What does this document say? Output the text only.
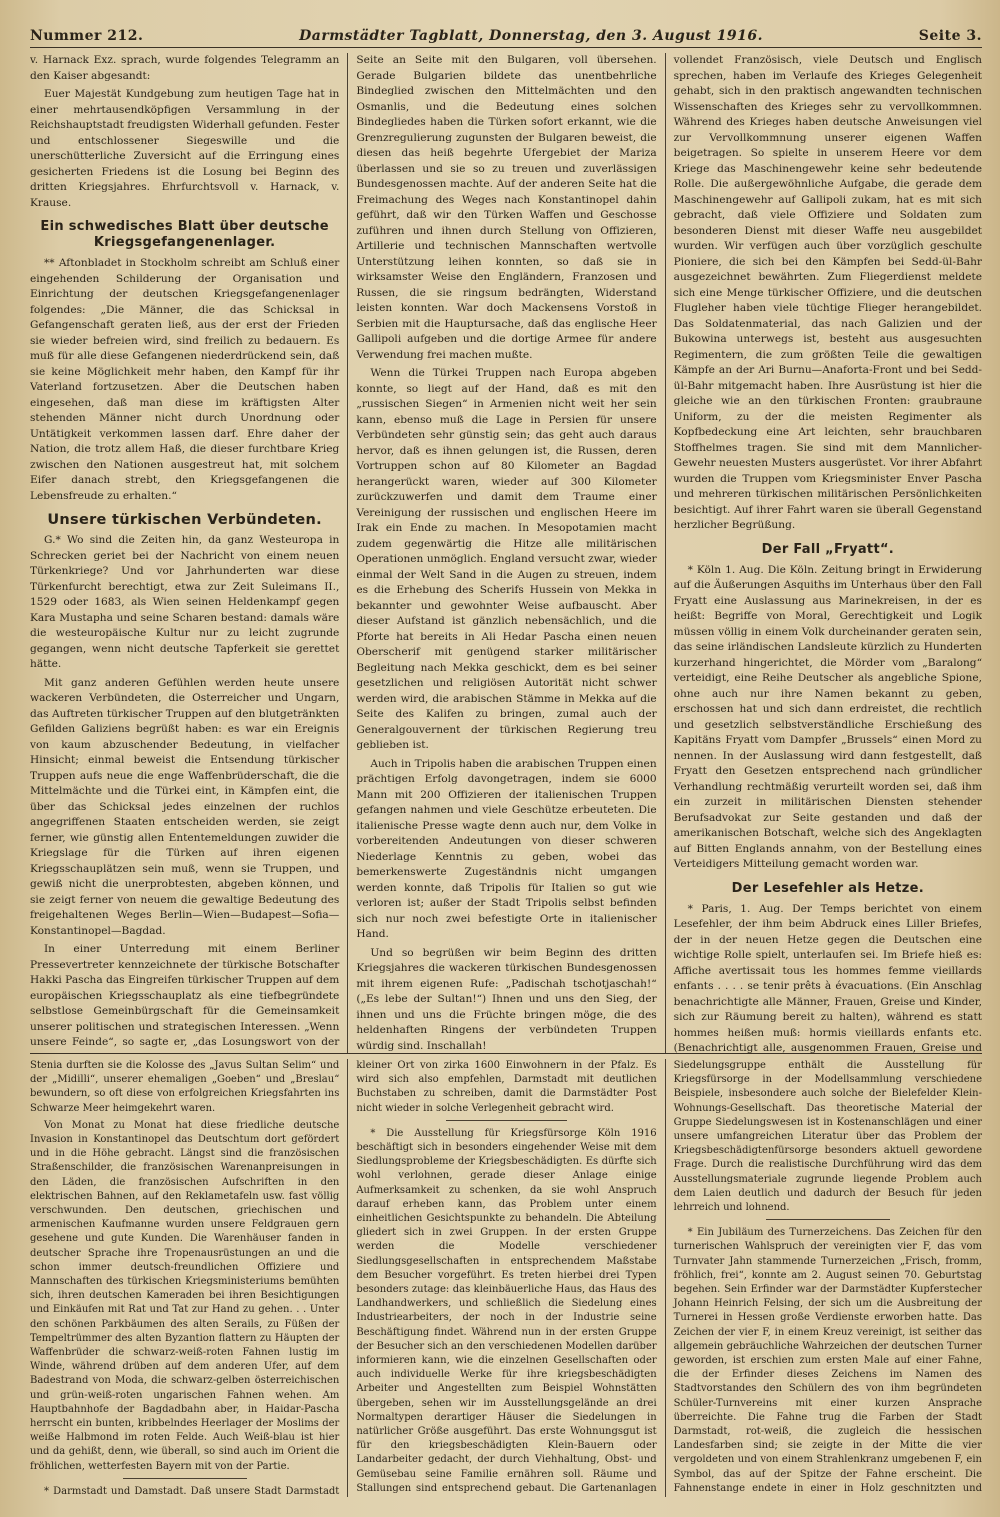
Nummer 212.	Darmstädter Tagblatt, Donnerstag, den 3. August 1916.	Seite 3.

v. Harnack Exz. sprach, wurde folgendes Telegramm an den Kaiser abgesandt:

Euer Majestät Kundgebung zum heutigen Tage hat in einer mehrtausendköpfigen Versammlung in der Reichshauptstadt freudigsten Widerhall gefunden. Fester und entschlossener Siegeswille und die unerschütterliche Zuversicht auf die Erringung eines gesicherten Friedens ist die Losung bei Beginn des dritten Kriegsjahres. Ehrfurchtsvoll v. Harnack, v. Krause.

Ein schwedisches Blatt über deutsche Kriegsgefangenenlager.

** Aftonbladet in Stockholm schreibt am Schluß einer eingehenden Schilderung der Organisation und Einrichtung der deutschen Kriegsgefangenenlager folgendes: „Die Männer, die das Schicksal in Gefangenschaft geraten ließ, aus der erst der Frieden sie wieder befreien wird, sind freilich zu bedauern. Es muß für alle diese Gefangenen niederdrückend sein, daß sie keine Möglichkeit mehr haben, den Kampf für ihr Vaterland fortzusetzen. Aber die Deutschen haben eingesehen, daß man diese im kräftigsten Alter stehenden Männer nicht durch Unordnung oder Untätigkeit verkommen lassen darf. Ehre daher der Nation, die trotz allem Haß, die dieser furchtbare Krieg zwischen den Nationen ausgestreut hat, mit solchem Eifer danach strebt, den Kriegsgefangenen die Lebensfreude zu erhalten.“

Unsere türkischen Verbündeten.

G.* Wo sind die Zeiten hin, da ganz Westeuropa in Schrecken geriet bei der Nachricht von einem neuen Türkenkriege? Und vor Jahrhunderten war diese Türkenfurcht berechtigt, etwa zur Zeit Suleimans II., 1529 oder 1683, als Wien seinen Heldenkampf gegen Kara Mustapha und seine Scharen bestand: damals wäre die westeuropäische Kultur nur zu leicht zugrunde gegangen, wenn nicht deutsche Tapferkeit sie gerettet hätte.

Mit ganz anderen Gefühlen werden heute unsere wackeren Verbündeten, die Osterreicher und Ungarn, das Auftreten türkischer Truppen auf den blutgetränkten Gefilden Galiziens begrüßt haben: es war ein Ereignis von kaum abzuschender Bedeutung, in vielfacher Hinsicht; einmal beweist die Entsendung türkischer Truppen aufs neue die enge Waffenbrüderschaft, die die Mittelmächte und die Türkei eint, in Kämpfen eint, die über das Schicksal jedes einzelnen der ruchlos angegriffenen Staaten entscheiden werden, sie zeigt ferner, wie günstig allen Ententemeldungen zuwider die Kriegslage für die Türken auf ihren eigenen Kriegsschauplätzen sein muß, wenn sie Truppen, und gewiß nicht die unerprobtesten, abgeben können, und sie zeigt ferner von neuem die gewaltige Bedeutung des freigehaltenen Weges Berlin—Wien—Budapest—Sofia—Konstantinopel—Bagdad.

In einer Unterredung mit einem Berliner Pressevertreter kennzeichnete der türkische Botschafter Hakki Pascha das Eingreifen türkischer Truppen auf dem europäischen Kriegsschauplatz als eine tiefbegründete selbstlose Gemeinbürgschaft für die Gemeinsamkeit unserer politischen und strategischen Interessen. „Wenn unsere Feinde“, so sagte er, „das Losungswort von der

Seite an Seite mit den Bulgaren, voll übersehen. Gerade Bulgarien bildete das unentbehrliche Bindeglied zwischen den Mittelmächten und den Osmanlis, und die Bedeutung eines solchen Bindegliedes haben die Türken sofort erkannt, wie die Grenzregulierung zugunsten der Bulgaren beweist, die diesen das heiß begehrte Ufergebiet der Mariza überlassen und sie so zu treuen und zuverlässigen Bundesgenossen machte. Auf der anderen Seite hat die Freimachung des Weges nach Konstantinopel dahin geführt, daß wir den Türken Waffen und Geschosse zuführen und ihnen durch Stellung von Offizieren, Artillerie und technischen Mannschaften wertvolle Unterstützung leihen konnten, so daß sie in wirksamster Weise den Engländern, Franzosen und Russen, die sie ringsum bedrängten, Widerstand leisten konnten. War doch Mackensens Vorstoß in Serbien mit die Hauptursache, daß das englische Heer Gallipoli aufgeben und die dortige Armee für andere Verwendung frei machen mußte.

Wenn die Türkei Truppen nach Europa abgeben konnte, so liegt auf der Hand, daß es mit den „russischen Siegen“ in Armenien nicht weit her sein kann, ebenso muß die Lage in Persien für unsere Verbündeten sehr günstig sein; das geht auch daraus hervor, daß es ihnen gelungen ist, die Russen, deren Vortruppen schon auf 80 Kilometer an Bagdad herangerückt waren, wieder auf 300 Kilometer zurückzuwerfen und damit dem Traume einer Vereinigung der russischen und englischen Heere im Irak ein Ende zu machen. In Mesopotamien macht zudem gegenwärtig die Hitze alle militärischen Operationen unmöglich. England versucht zwar, wieder einmal der Welt Sand in die Augen zu streuen, indem es die Erhebung des Scherifs Hussein von Mekka in bekannter und gewohnter Weise aufbauscht. Aber dieser Aufstand ist gänzlich nebensächlich, und die Pforte hat bereits in Ali Hedar Pascha einen neuen Oberscherif mit genügend starker militärischer Begleitung nach Mekka geschickt, dem es bei seiner gesetzlichen und religiösen Autorität nicht schwer werden wird, die arabischen Stämme in Mekka auf die Seite des Kalifen zu bringen, zumal auch der Generalgouvernent der türkischen Regierung treu geblieben ist.

Auch in Tripolis haben die arabischen Truppen einen prächtigen Erfolg davongetragen, indem sie 6000 Mann mit 200 Offizieren der italienischen Truppen gefangen nahmen und viele Geschütze erbeuteten. Die italienische Presse wagte denn auch nur, dem Volke in vorbereitenden Andeutungen von dieser schweren Niederlage Kenntnis zu geben, wobei das bemerkenswerte Zugeständnis nicht umgangen werden konnte, daß Tripolis für Italien so gut wie verloren ist; außer der Stadt Tripolis selbst befinden sich nur noch zwei befestigte Orte in italienischer Hand.

Und so begrüßen wir beim Beginn des dritten Kriegsjahres die wackeren türkischen Bundesgenossen mit ihrem eigenen Rufe: „Padischah tschotjaschah!“ („Es lebe der Sultan!“) Ihnen und uns den Sieg, der ihnen und uns die Früchte bringen möge, die des heldenhaften Ringens der verbündeten Truppen würdig sind. Inschallah!

vollendet Französisch, viele Deutsch und Englisch sprechen, haben im Verlaufe des Krieges Gelegenheit gehabt, sich in den praktisch angewandten technischen Wissenschaften des Krieges sehr zu vervollkommnen. Während des Krieges haben deutsche Anweisungen viel zur Vervollkommnung unserer eigenen Waffen beigetragen. So spielte in unserem Heere vor dem Kriege das Maschinengewehr keine sehr bedeutende Rolle. Die außergewöhnliche Aufgabe, die gerade dem Maschinengewehr auf Gallipoli zukam, hat es mit sich gebracht, daß viele Offiziere und Soldaten zum besonderen Dienst mit dieser Waffe neu ausgebildet wurden. Wir verfügen auch über vorzüglich geschulte Pioniere, die sich bei den Kämpfen bei Sedd-ül-Bahr ausgezeichnet bewährten. Zum Fliegerdienst meldete sich eine Menge türkischer Offiziere, und die deutschen Flugleher haben viele tüchtige Flieger herangebildet. Das Soldatenmaterial, das nach Galizien und der Bukowina unterwegs ist, besteht aus ausgesuchten Regimentern, die zum größten Teile die gewaltigen Kämpfe an der Ari Burnu—Anaforta-Front und bei Sedd-ül-Bahr mitgemacht haben. Ihre Ausrüstung ist hier die gleiche wie an den türkischen Fronten: graubraune Uniform, zu der die meisten Regimenter als Kopfbedeckung eine Art leichten, sehr brauchbaren Stoffhelmes tragen. Sie sind mit dem Mannlicher-Gewehr neuesten Musters ausgerüstet. Vor ihrer Abfahrt wurden die Truppen vom Kriegsminister Enver Pascha und mehreren türkischen militärischen Persönlichkeiten besichtigt. Auf ihrer Fahrt waren sie überall Gegenstand herzlicher Begrüßung.

Der Fall „Fryatt“.

* Köln 1. Aug. Die Köln. Zeitung bringt in Erwiderung auf die Äußerungen Asquiths im Unterhaus über den Fall Fryatt eine Auslassung aus Marinekreisen, in der es heißt: Begriffe von Moral, Gerechtigkeit und Logik müssen völlig in einem Volk durcheinander geraten sein, das seine irländischen Landsleute kürzlich zu Hunderten kurzerhand hingerichtet, die Mörder vom „Baralong“ verteidigt, eine Reihe Deutscher als angebliche Spione, ohne auch nur ihre Namen bekannt zu geben, erschossen hat und sich dann erdreistet, die rechtlich und gesetzlich selbstverständliche Erschießung des Kapitäns Fryatt vom Dampfer „Brussels“ einen Mord zu nennen. In der Auslassung wird dann festgestellt, daß Fryatt den Gesetzen entsprechend nach gründlicher Verhandlung rechtmäßig verurteilt worden sei, daß ihm ein zurzeit in militärischen Diensten stehender Berufsadvokat zur Seite gestanden und daß der amerikanischen Botschaft, welche sich des Angeklagten auf Bitten Englands annahm, von der Bestellung eines Verteidigers Mitteilung gemacht worden war.

Der Lesefehler als Hetze.

* Paris, 1. Aug. Der Temps berichtet von einem Lesefehler, der ihm beim Abdruck eines Liller Briefes, der in der neuen Hetze gegen die Deutschen eine wichtige Rolle spielt, unterlaufen sei. Im Briefe hieß es: Affiche avertissait tous les hommes femme vieillards enfants . . . . se tenir prêts à évacuations. (Ein Anschlag benachrichtigte alle Männer, Frauen, Greise und Kinder, sich zur Räumung bereit zu halten), während es statt hommes heißen muß: hormis vieillards enfants etc. (Benachrichtigt alle, ausgenommen Frauen, Greise und

Stenia durften sie die Kolosse des „Javus Sultan Selim“ und der „Midilli“, unserer ehemaligen „Goeben“ und „Breslau“ bewundern, so oft diese von erfolgreichen Kriegsfahrten ins Schwarze Meer heimgekehrt waren.

Von Monat zu Monat hat diese friedliche deutsche Invasion in Konstantinopel das Deutschtum dort gefördert und in die Höhe gebracht. Längst sind die französischen Straßenschilder, die französischen Warenanpreisungen in den Läden, die französischen Aufschriften in den elektrischen Bahnen, auf den Reklametafeln usw. fast völlig verschwunden. Den deutschen, griechischen und armenischen Kaufmanne wurden unsere Feldgrauen gern gesehene und gute Kunden. Die Warenhäuser fanden in deutscher Sprache ihre Tropenausrüstungen an und die schon immer deutsch-freundlichen Offiziere und Mannschaften des türkischen Kriegsministeriums bemühten sich, ihren deutschen Kameraden bei ihren Besichtigungen und Einkäufen mit Rat und Tat zur Hand zu gehen. . . Unter den schönen Parkbäumen des alten Serails, zu Füßen der Tempeltrümmer des alten Byzantion flattern zu Häupten der Waffenbrüder die schwarz-weiß-roten Fahnen lustig im Winde, während drüben auf dem anderen Ufer, auf dem Badestrand von Moda, die schwarz-gelben österreichischen und grün-weiß-roten ungarischen Fahnen wehen. Am Hauptbahnhofe der Bagdadbahn aber, in Haidar-Pascha herrscht ein bunten, kribbelndes Heerlager der Moslims der weiße Halbmond im roten Felde. Auch Weiß-blau ist hier und da gehißt, denn, wie überall, so sind auch im Orient die fröhlichen, wetterfesten Bayern mit von der Partie.

* Darmstadt und Damstadt. Daß unsere Stadt Darmstadt

kleiner Ort von zirka 1600 Einwohnern in der Pfalz. Es wird sich also empfehlen, Darmstadt mit deutlichen Buchstaben zu schreiben, damit die Darmstädter Post nicht wieder in solche Verlegenheit gebracht wird.

* Die Ausstellung für Kriegsfürsorge Köln 1916 beschäftigt sich in besonders eingehender Weise mit dem Siedlungsprobleme der Kriegsbeschädigten. Es dürfte sich wohl verlohnen, gerade dieser Anlage einige Aufmerksamkeit zu schenken, da sie wohl Anspruch darauf erheben kann, das Problem unter einem einheitlichen Gesichtspunkte zu behandeln. Die Abteilung gliedert sich in zwei Gruppen. In der ersten Gruppe werden die Modelle verschiedener Siedlungsgesellschaften in entsprechendem Maßstabe dem Besucher vorgeführt. Es treten hierbei drei Typen besonders zutage: das kleinbäuerliche Haus, das Haus des Landhandwerkers, und schließlich die Siedelung eines Industriearbeiters, der noch in der Industrie seine Beschäftigung findet. Während nun in der ersten Gruppe der Besucher sich an den verschiedenen Modellen darüber informieren kann, wie die einzelnen Gesellschaften oder auch individuelle Werke für ihre kriegsbeschädigten Arbeiter und Angestellten zum Beispiel Wohnstätten übergeben, sehen wir im Ausstellungsgelände an drei Normaltypen derartiger Häuser die Siedelungen in natürlicher Größe ausgeführt. Das erste Wohnungsgut ist für den kriegsbeschädigten Klein-Bauern oder Landarbeiter gedacht, der durch Viehhaltung, Obst- und Gemüsebau seine Familie ernähren soll. Räume und Stallungen sind entsprechend gebaut. Die Gartenanlagen

Siedelungsgruppe enthält die Ausstellung für Kriegsfürsorge in der Modellsammlung verschiedene Beispiele, insbesondere auch solche der Bielefelder Klein-Wohnungs-Gesellschaft. Das theoretische Material der Gruppe Siedelungswesen ist in Kostenanschlägen und einer unsere umfangreichen Literatur über das Problem der Kriegsbeschädigtenfürsorge besonders aktuell gewordene Frage. Durch die realistische Durchführung wird das dem Ausstellungsmateriale zugrunde liegende Problem auch dem Laien deutlich und dadurch der Besuch für jeden lehrreich und lohnend.

* Ein Jubiläum des Turnerzeichens. Das Zeichen für den turnerischen Wahlspruch der vereinigten vier F, das vom Turnvater Jahn stammende Turnerzeichen „Frisch, fromm, fröhlich, frei“, konnte am 2. August seinen 70. Geburtstag begehen. Sein Erfinder war der Darmstädter Kupferstecher Johann Heinrich Felsing, der sich um die Ausbreitung der Turnerei in Hessen große Verdienste erworben hatte. Das Zeichen der vier F, in einem Kreuz vereinigt, ist seither das allgemein gebräuchliche Wahrzeichen der deutschen Turner geworden, ist erschien zum ersten Male auf einer Fahne, die der Erfinder dieses Zeichens im Namen des Stadtvorstandes den Schülern des von ihm begründeten Schüler-Turnvereins mit einer kurzen Ansprache überreichte. Die Fahne trug die Farben der Stadt Darmstadt, rot-weiß, die zugleich die hessischen Landesfarben sind; sie zeigte in der Mitte die vier vergoldeten und von einem Strahlenkranz umgebenen F, ein Symbol, das auf der Spitze der Fahne erscheint. Die Fahnenstange endete in einer in Holz geschnitzten und
